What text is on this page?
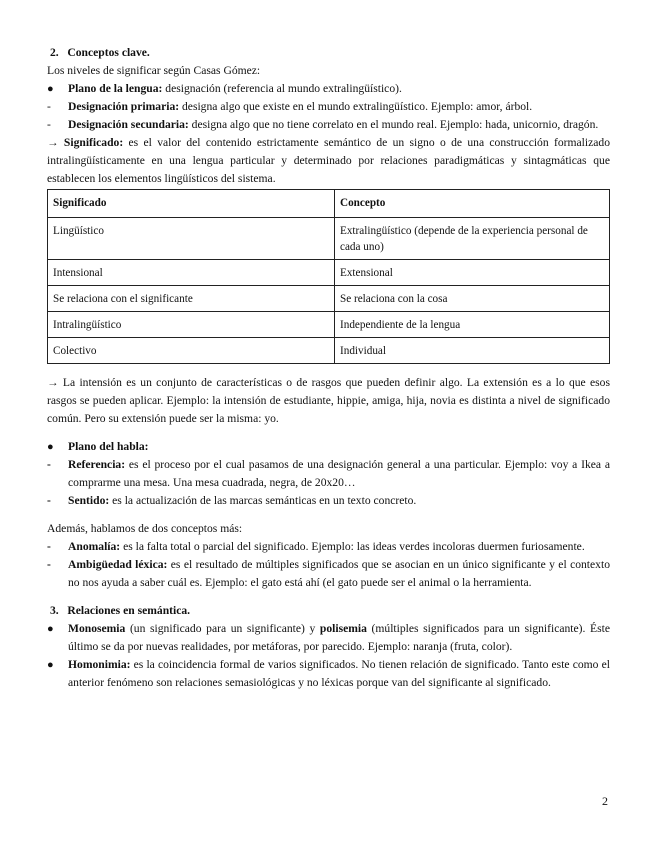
2.   Conceptos clave.

Los niveles de significar según Casas Gómez:

●	Plano de la lengua: designación (referencia al mundo extralingüístico).
-	Designación primaria: designa algo que existe en el mundo extralingüístico. Ejemplo: amor, árbol.
-	Designación secundaria: designa algo que no tiene correlato en el mundo real. Ejemplo: hada, unicornio, dragón.

→ Significado: es el valor del contenido estrictamente semántico de un signo o de una construcción formalizado intralingüísticamente en una lengua particular y determinado por relaciones paradigmáticas y sintagmáticas que establecen los elementos lingüísticos del sistema.

Significado	Concepto
Lingüístico	Extralingüístico (depende de la experiencia personal de cada uno)
Intensional	Extensional
Se relaciona con el significante	Se relaciona con la cosa
Intralingüístico	Independiente de la lengua
Colectivo	Individual

→ La intensión es un conjunto de características o de rasgos que pueden definir algo. La extensión es a lo que esos rasgos se pueden aplicar. Ejemplo: la intensión de estudiante, hippie, amiga, hija, novia es distinta a nivel de significado común. Pero su extensión puede ser la misma: yo.

●	Plano del habla:
-	Referencia: es el proceso por el cual pasamos de una designación general a una particular. Ejemplo: voy a Ikea a comprarme una mesa. Una mesa cuadrada, negra, de 20x20…
-	Sentido: es la actualización de las marcas semánticas en un texto concreto.

Además, hablamos de dos conceptos más:

-	Anomalía: es la falta total o parcial del significado. Ejemplo: las ideas verdes incoloras duermen furiosamente.
-	Ambigüedad léxica: es el resultado de múltiples significados que se asocian en un único significante y el contexto no nos ayuda a saber cuál es. Ejemplo: el gato está ahí (el gato puede ser el animal o la herramienta.

3.   Relaciones en semántica.

●	Monosemia (un significado para un significante) y polisemia (múltiples significados para un significante). Éste último se da por nuevas realidades, por metáforas, por parecido. Ejemplo: naranja (fruta, color).
●	Homonimia: es la coincidencia formal de varios significados. No tienen relación de significado. Tanto este como el anterior fenómeno son relaciones semasiológicas y no léxicas porque van del significante al significado.
2
